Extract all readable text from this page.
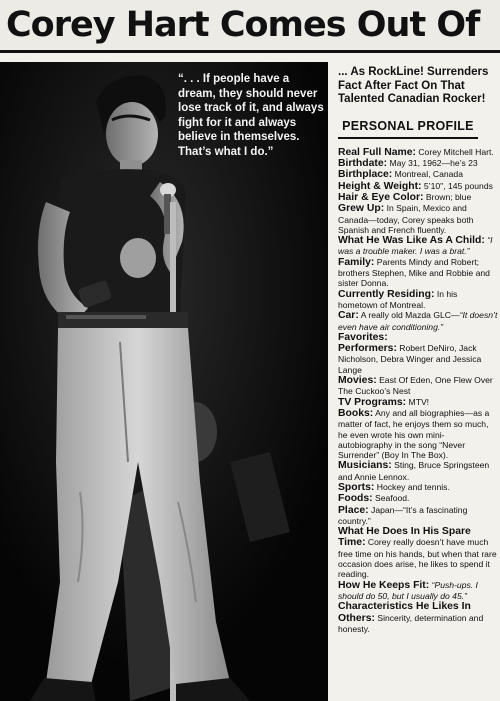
Corey Hart Comes Out Of

“. . . If people have a dream, they should never lose track of it, and always fight for it and always believe in themselves. That’s what I do.”

... As RockLine! Surrenders Fact After Fact On That Talented Canadian Rocker!

PERSONAL PROFILE

Real Full Name: Corey Mitchell Hart.

Birthdate: May 31, 1962—he’s 23

Birthplace: Montreal, Canada

Height & Weight: 5’10", 145 pounds

Hair & Eye Color: Brown; blue

Grew Up: In Spain, Mexico and Canada—today, Corey speaks both Spanish and French fluently.

What He Was Like As A Child: “I was a trouble maker. I was a brat.”

Family: Parents Mindy and Robert; brothers Stephen, Mike and Robbie and sister Donna.

Currently Residing: In his hometown of Montreal.

Car: A really old Mazda GLC—“It doesn’t even have air conditioning.”

Favorites:

Performers: Robert DeNiro, Jack Nicholson, Debra Winger and Jessica Lange

Movies: East Of Eden, One Flew Over The Cuckoo’s Nest

TV Programs: MTV!

Books: Any and all biographies—as a matter of fact, he enjoys them so much, he even wrote his own mini-autobiography in the song “Never Surrender” (Boy In The Box).

Musicians: Sting, Bruce Springsteen and Annie Lennox.

Sports: Hockey and tennis.

Foods: Seafood.

Place: Japan—“It’s a fascinating country.”

What He Does In His Spare Time: Corey really doesn’t have much free time on his hands, but when that rare occasion does arise, he likes to spend it reading.

How He Keeps Fit: “Push-ups. I should do 50, but I usually do 45.”

Characteristics He Likes In Others: Sincerity, determination and honesty.
